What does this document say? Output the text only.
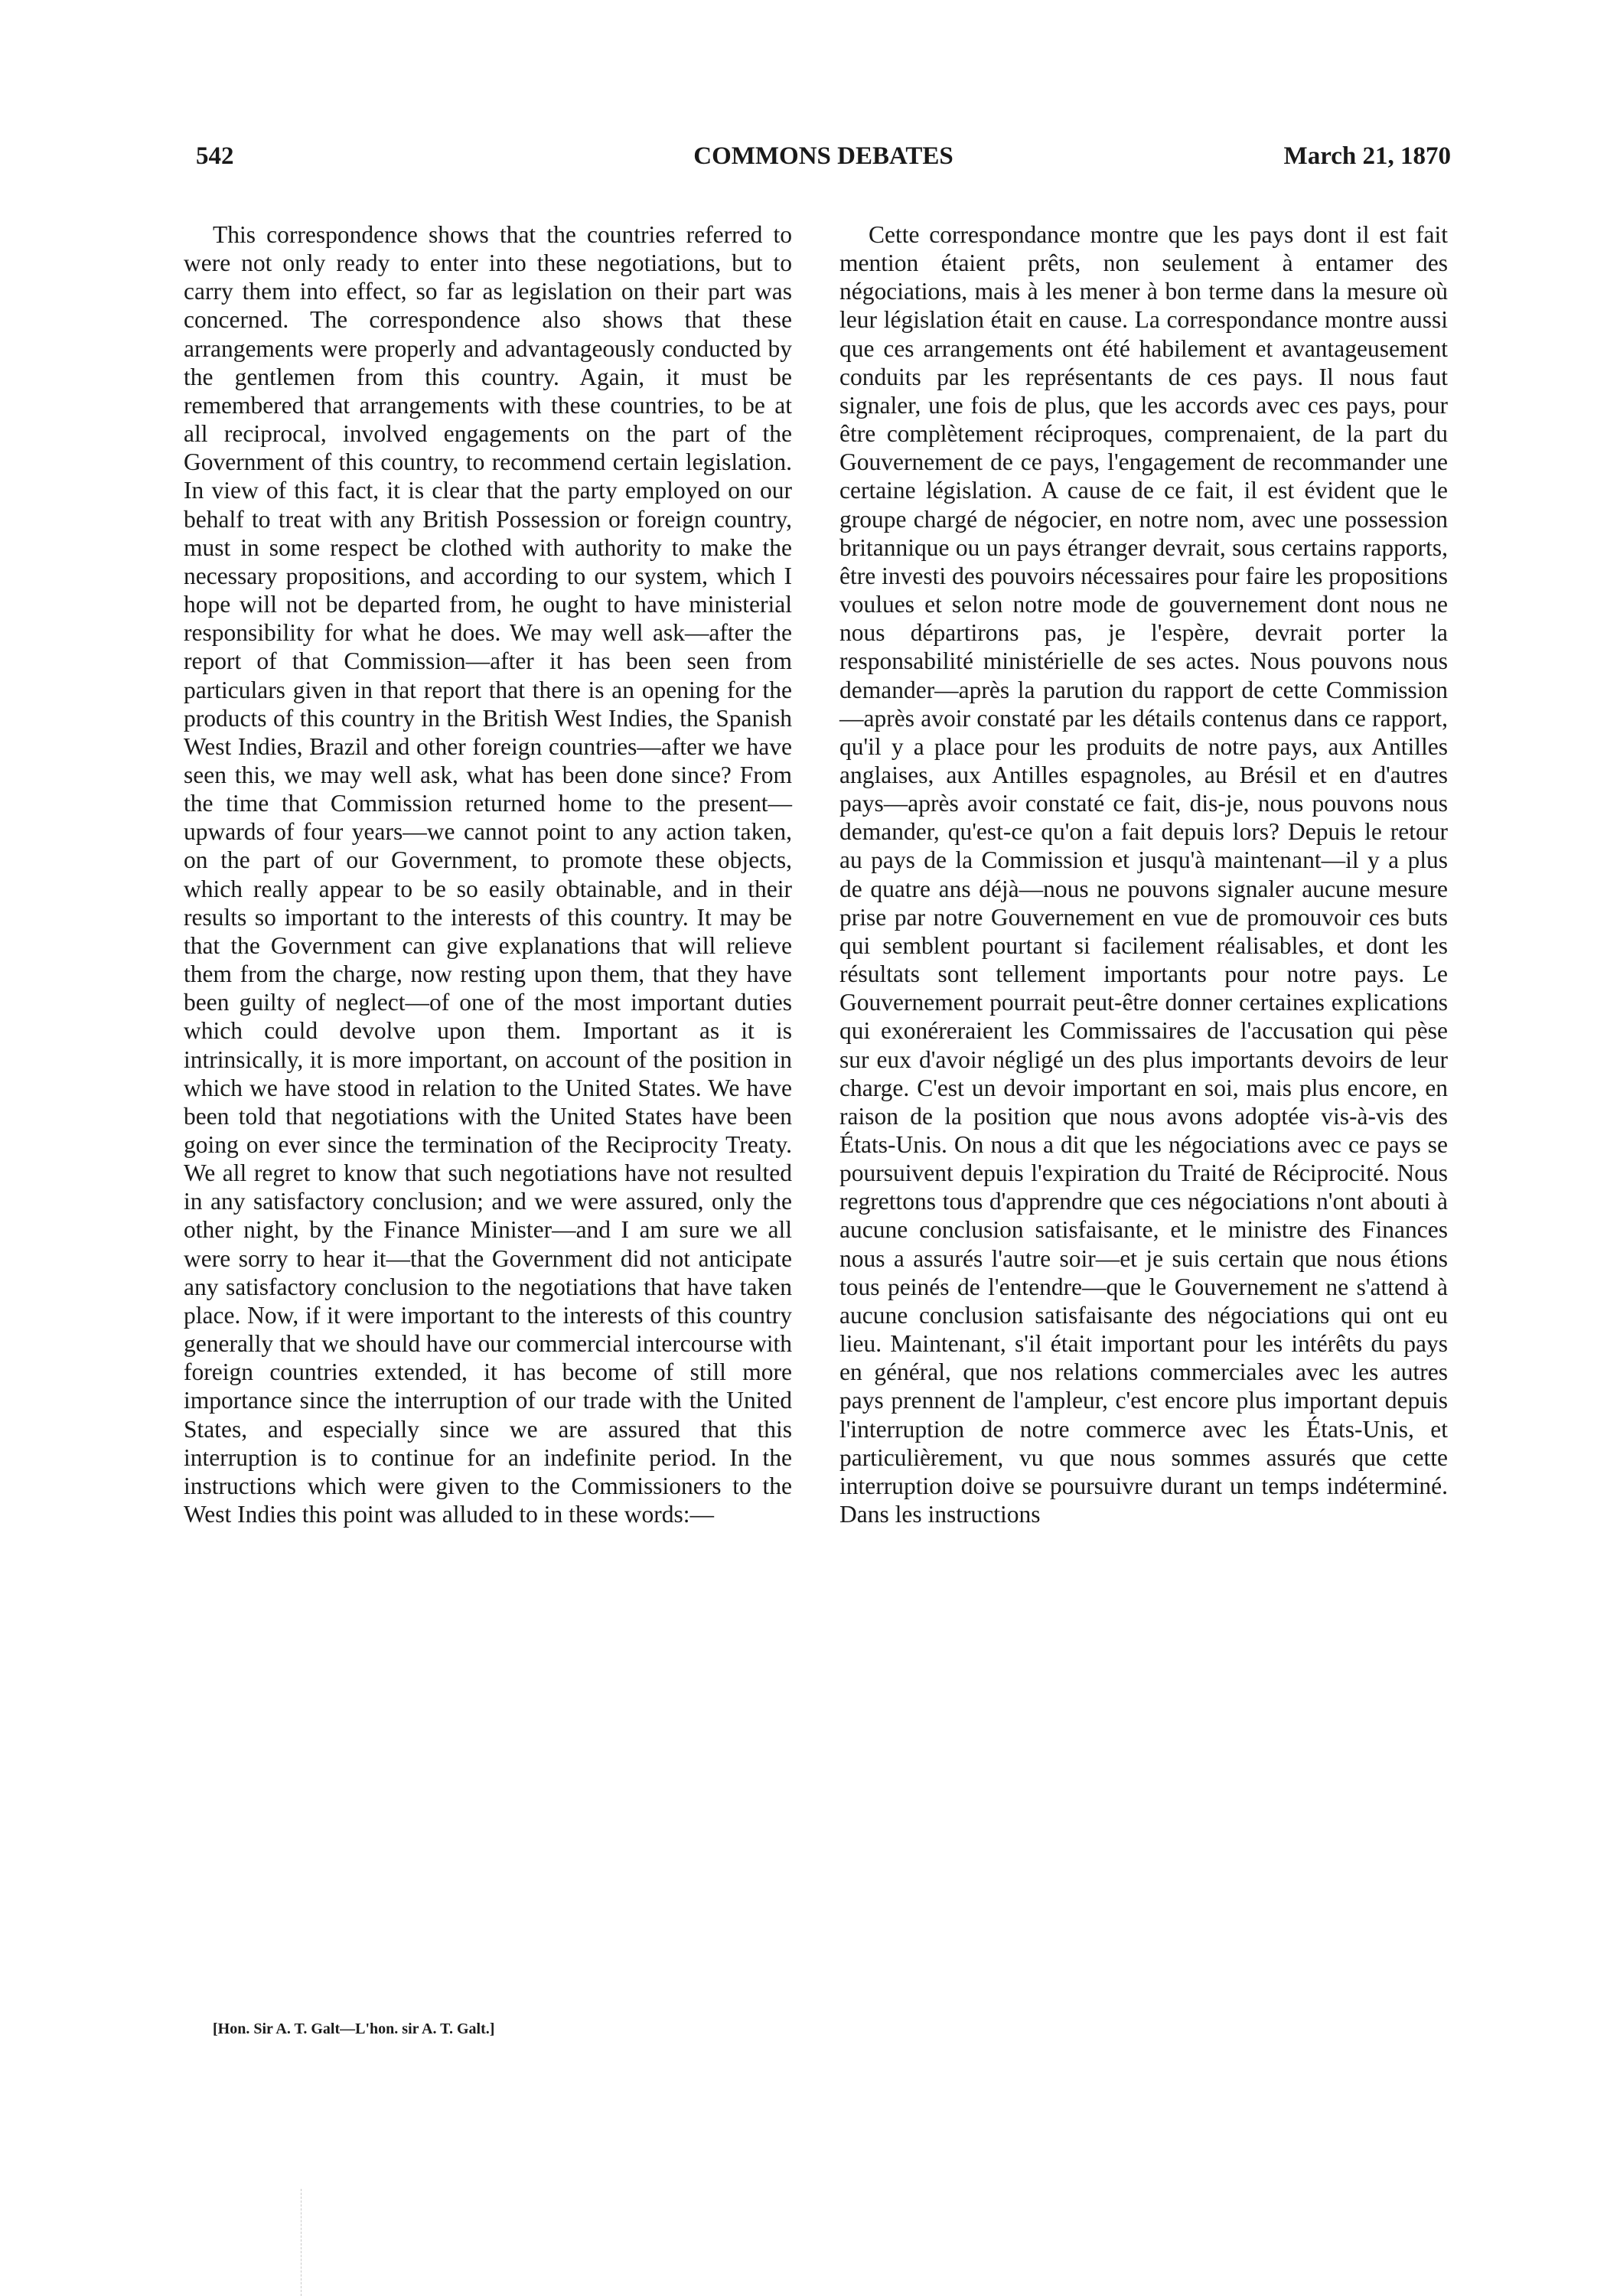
542	COMMONS DEBATES	March 21, 1870

This correspondence shows that the countries referred to were not only ready to enter into these negotiations, but to carry them into effect, so far as legislation on their part was concerned. The correspondence also shows that these arrangements were properly and advantageously conducted by the gentlemen from this country. Again, it must be remembered that arrangements with these countries, to be at all reciprocal, involved engagements on the part of the Government of this country, to recommend certain legislation. In view of this fact, it is clear that the party employed on our behalf to treat with any British Possession or foreign country, must in some respect be clothed with authority to make the necessary propositions, and according to our system, which I hope will not be departed from, he ought to have ministerial responsibility for what he does. We may well ask—after the report of that Commission—after it has been seen from particulars given in that report that there is an opening for the products of this country in the British West Indies, the Spanish West Indies, Brazil and other foreign countries—after we have seen this, we may well ask, what has been done since? From the time that Commission returned home to the present—upwards of four years—we cannot point to any action taken, on the part of our Government, to promote these objects, which really appear to be so easily obtainable, and in their results so important to the interests of this country. It may be that the Government can give explanations that will relieve them from the charge, now resting upon them, that they have been guilty of neglect—of one of the most important duties which could devolve upon them. Important as it is intrinsically, it is more important, on account of the position in which we have stood in relation to the United States. We have been told that negotiations with the United States have been going on ever since the termination of the Reciprocity Treaty. We all regret to know that such negotiations have not resulted in any satisfactory conclusion; and we were assured, only the other night, by the Finance Minister—and I am sure we all were sorry to hear it—that the Government did not anticipate any satisfactory conclusion to the negotiations that have taken place. Now, if it were important to the interests of this country generally that we should have our commercial intercourse with foreign countries extended, it has become of still more importance since the interruption of our trade with the United States, and especially since we are assured that this interruption is to continue for an indefinite period. In the instructions which were given to the Commissioners to the West Indies this point was alluded to in these words:—

Cette correspondance montre que les pays dont il est fait mention étaient prêts, non seulement à entamer des négociations, mais à les mener à bon terme dans la mesure où leur législation était en cause. La correspondance montre aussi que ces arrangements ont été habilement et avantageusement conduits par les représentants de ces pays. Il nous faut signaler, une fois de plus, que les accords avec ces pays, pour être complètement réciproques, comprenaient, de la part du Gouvernement de ce pays, l'engagement de recommander une certaine législation. A cause de ce fait, il est évident que le groupe chargé de négocier, en notre nom, avec une possession britannique ou un pays étranger devrait, sous certains rapports, être investi des pouvoirs nécessaires pour faire les propositions voulues et selon notre mode de gouvernement dont nous ne nous départirons pas, je l'espère, devrait porter la responsabilité ministérielle de ses actes. Nous pouvons nous demander—après la parution du rapport de cette Commission—après avoir constaté par les détails contenus dans ce rapport, qu'il y a place pour les produits de notre pays, aux Antilles anglaises, aux Antilles espagnoles, au Brésil et en d'autres pays—après avoir constaté ce fait, dis-je, nous pouvons nous demander, qu'est-ce qu'on a fait depuis lors? Depuis le retour au pays de la Commission et jusqu'à maintenant—il y a plus de quatre ans déjà—nous ne pouvons signaler aucune mesure prise par notre Gouvernement en vue de promouvoir ces buts qui semblent pourtant si facilement réalisables, et dont les résultats sont tellement importants pour notre pays. Le Gouvernement pourrait peut-être donner certaines explications qui exonéreraient les Commissaires de l'accusation qui pèse sur eux d'avoir négligé un des plus importants devoirs de leur charge. C'est un devoir important en soi, mais plus encore, en raison de la position que nous avons adoptée vis-à-vis des États-Unis. On nous a dit que les négociations avec ce pays se poursuivent depuis l'expiration du Traité de Réciprocité. Nous regrettons tous d'apprendre que ces négociations n'ont abouti à aucune conclusion satisfaisante, et le ministre des Finances nous a assurés l'autre soir—et je suis certain que nous étions tous peinés de l'entendre—que le Gouvernement ne s'attend à aucune conclusion satisfaisante des négociations qui ont eu lieu. Maintenant, s'il était important pour les intérêts du pays en général, que nos relations commerciales avec les autres pays prennent de l'ampleur, c'est encore plus important depuis l'interruption de notre commerce avec les États-Unis, et particulièrement, vu que nous sommes assurés que cette interruption doive se poursuivre durant un temps indéterminé. Dans les instructions

[Hon. Sir A. T. Galt—L'hon. sir A. T. Galt.]
